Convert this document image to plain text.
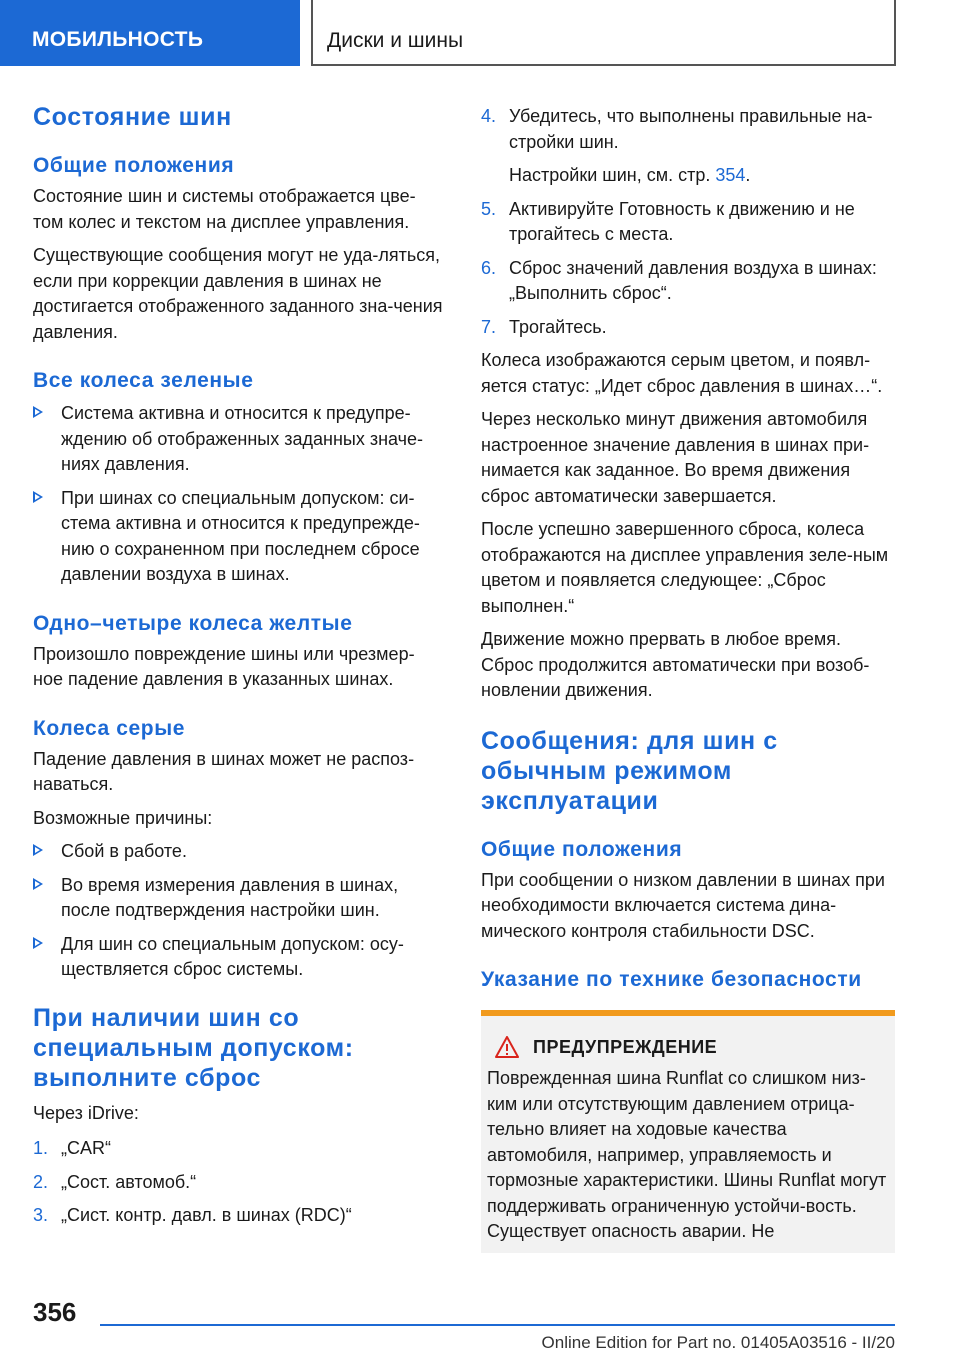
МОБИЛЬНОСТЬ	Диски и шины
Состояние шин
Общие положения

Состояние шин и системы отображается цве-том колес и текстом на дисплее управления.

Существующие сообщения могут не уда-ляться, если при коррекции давления в шинах не достигается отображенного заданного зна-чения давления.

Все колеса зеленые
Система активна и относится к предупре-ждению об отображенных заданных значе-ниях давления.
При шинах со специальным допуском: си-стема активна и относится к предупрежде-нию о сохраненном при последнем сбросе давлении воздуха в шинах.
Одно–четыре колеса желтые

Произошло повреждение шины или чрезмер-ное падение давления в указанных шинах.

Колеса серые

Падение давления в шинах может не распоз-наваться.

Возможные причины:

Сбой в работе.
Во время измерения давления в шинах, после подтверждения настройки шин.
Для шин со специальным допуском: осу-ществляется сброс системы.
При наличии шин со специальным допуском: выполните сброс

Через iDrive:

1. „CAR“
2. „Сост. автомоб.“
3. „Сист. контр. давл. в шинах (RDC)“
4. Убедитесь, что выполнены правильные на-стройки шин.

Настройки шин, см. стр. 354.

5. Активируйте Готовность к движению и не трогайтесь с места.
6. Сброс значений давления воздуха в шинах: „Выполнить сброс“.
7. Трогайтесь.

Колеса изображаются серым цветом, и появл-яется статус: „Идет сброс давления в шинах…“.

Через несколько минут движения автомобиля настроенное значение давления в шинах при-нимается как заданное. Во время движения сброс автоматически завершается.

После успешно завершенного сброса, колеса отображаются на дисплее управления зеле-ным цветом и появляется следующее: „Сброс выполнен.“

Движение можно прервать в любое время. Сброс продолжится автоматически при возоб-новлении движения.

Сообщения: для шин с обычным режимом эксплуатации
Общие положения

При сообщении о низком давлении в шинах при необходимости включается система дина-мического контроля стабильности DSC.

Указание по технике безопасности
ПРЕДУПРЕЖДЕНИЕ

Поврежденная шина Runflat со слишком низ-ким или отсутствующим давлением отрица-тельно влияет на ходовые качества автомобиля, например, управляемость и тормозные характеристики. Шины Runflat могут поддерживать ограниченную устойчи-вость. Существует опасность аварии. Не

356
Online Edition for Part no. 01405A03516 - II/20
